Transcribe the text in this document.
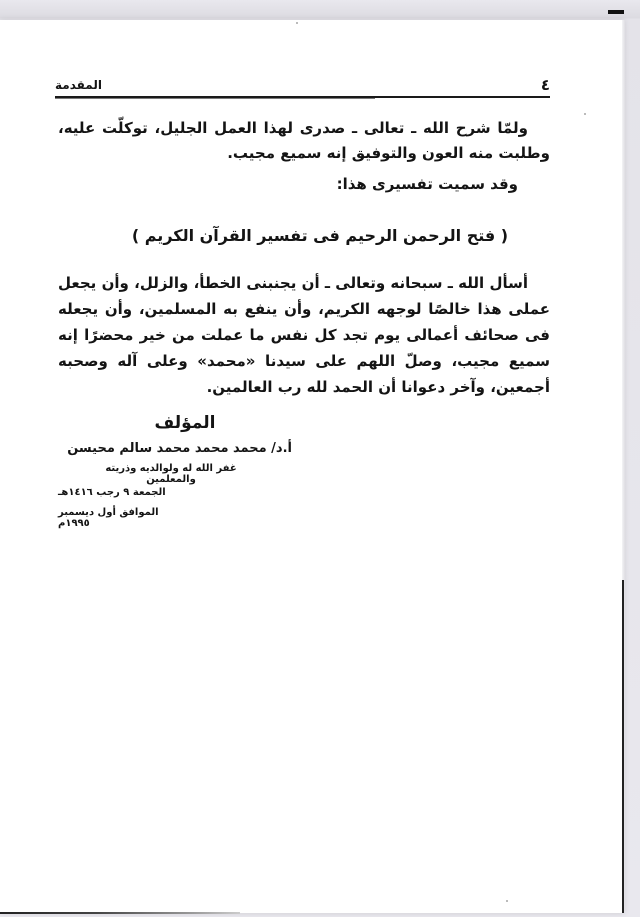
المقدمة	٤

ولمّا شرح الله ـ تعالى ـ صدرى لهذا العمل الجليل، توكلّت عليه، وطلبت منه العون والتوفيق إنه سميع مجيب.

وقد سميت تفسيرى هذا:

( فتح الرحمن الرحيم فى تفسير القرآن الكريم )

أسأل الله ـ سبحانه وتعالى ـ أن يجنبنى الخطأ، والزلل، وأن يجعل عملى هذا خالصًا لوجهه الكريم، وأن ينفع به المسلمين، وأن يجعله فى صحائف أعمالى يوم تجد كل نفس ما عملت من خير محضرًا إنه سميع مجيب، وصلّ اللهم على سيدنا «محمد» وعلى آله وصحبه أجمعين، وآخر دعوانا أن الحمد لله رب العالمين.

المؤلف
أ.د/ محمد محمد محمد سالم محيسن
غفر الله له ولوالديه وذريته والمعلمين
الجمعة ٩ رجب ١٤١٦هـ
الموافق أول ديسمبر ١٩٩٥م
